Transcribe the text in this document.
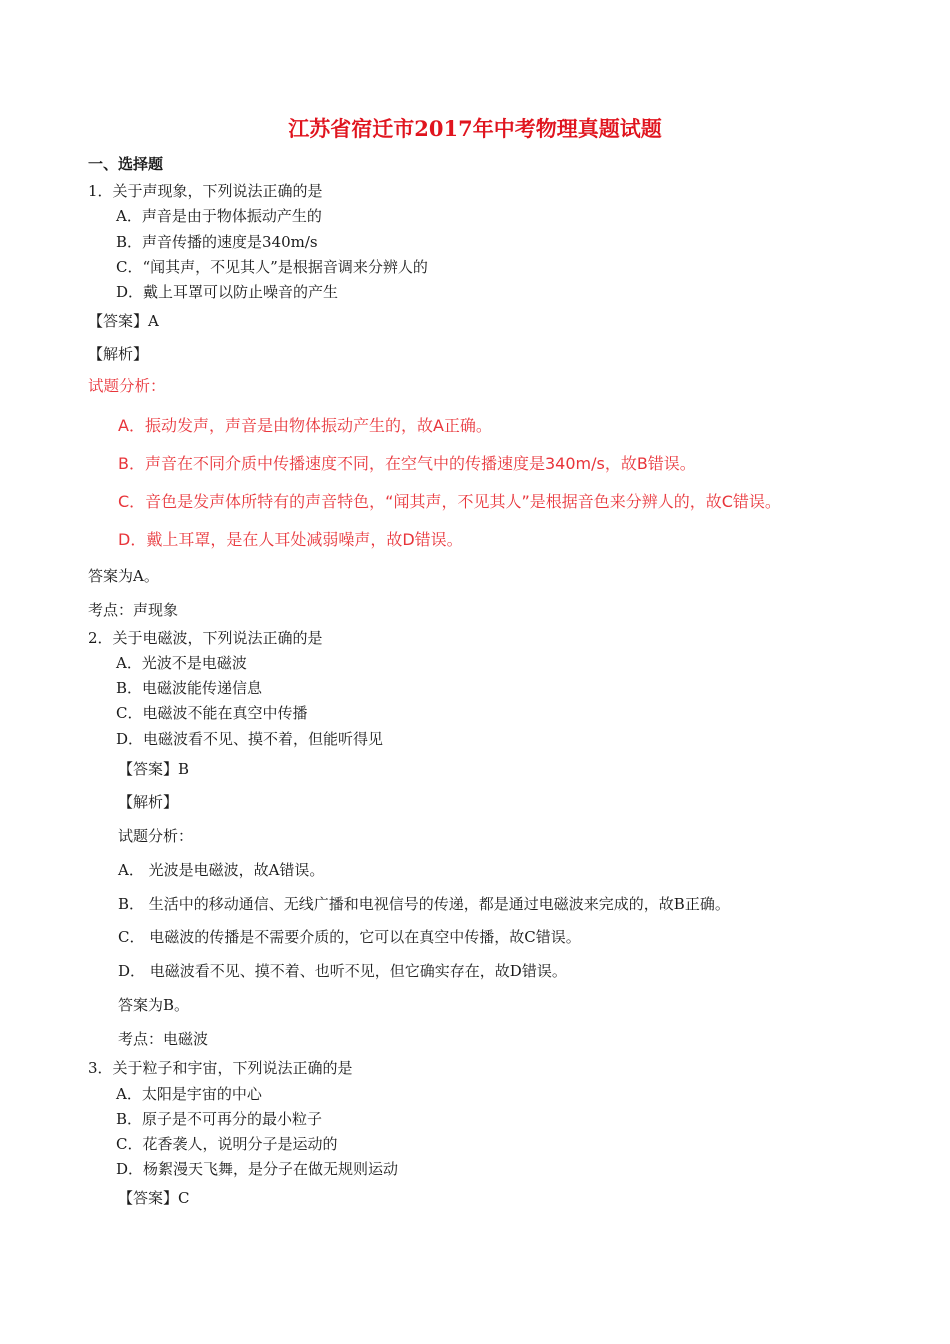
江苏省宿迁市2017年中考物理真题试题
一、选择题
1．关于声现象，下列说法正确的是
A．声音是由于物体振动产生的
B．声音传播的速度是340m/s
C．“闻其声，不见其人”是根据音调来分辨人的
D．戴上耳罩可以防止噪音的产生
【答案】A
【解析】
试题分析：
A．振动发声，声音是由物体振动产生的，故A正确。
B．声音在不同介质中传播速度不同，在空气中的传播速度是340m/s，故B错误。
C．音色是发声体所特有的声音特色，“闻其声，不见其人”是根据音色来分辨人的，故C错误。
D．戴上耳罩，是在人耳处减弱噪声，故D错误。
答案为A。
考点：声现象
2．关于电磁波，下列说法正确的是
A．光波不是电磁波
B．电磁波能传递信息
C．电磁波不能在真空中传播
D．电磁波看不见、摸不着，但能听得见
【答案】B
【解析】
试题分析：
A． 光波是电磁波，故A错误。
B． 生活中的移动通信、无线广播和电视信号的传递，都是通过电磁波来完成的，故B正确。
C． 电磁波的传播是不需要介质的，它可以在真空中传播，故C错误。
D． 电磁波看不见、摸不着、也听不见，但它确实存在，故D错误。
答案为B。
考点：电磁波
3．关于粒子和宇宙，下列说法正确的是
A．太阳是宇宙的中心
B．原子是不可再分的最小粒子
C．花香袭人，说明分子是运动的
D．杨絮漫天飞舞，是分子在做无规则运动
【答案】C
